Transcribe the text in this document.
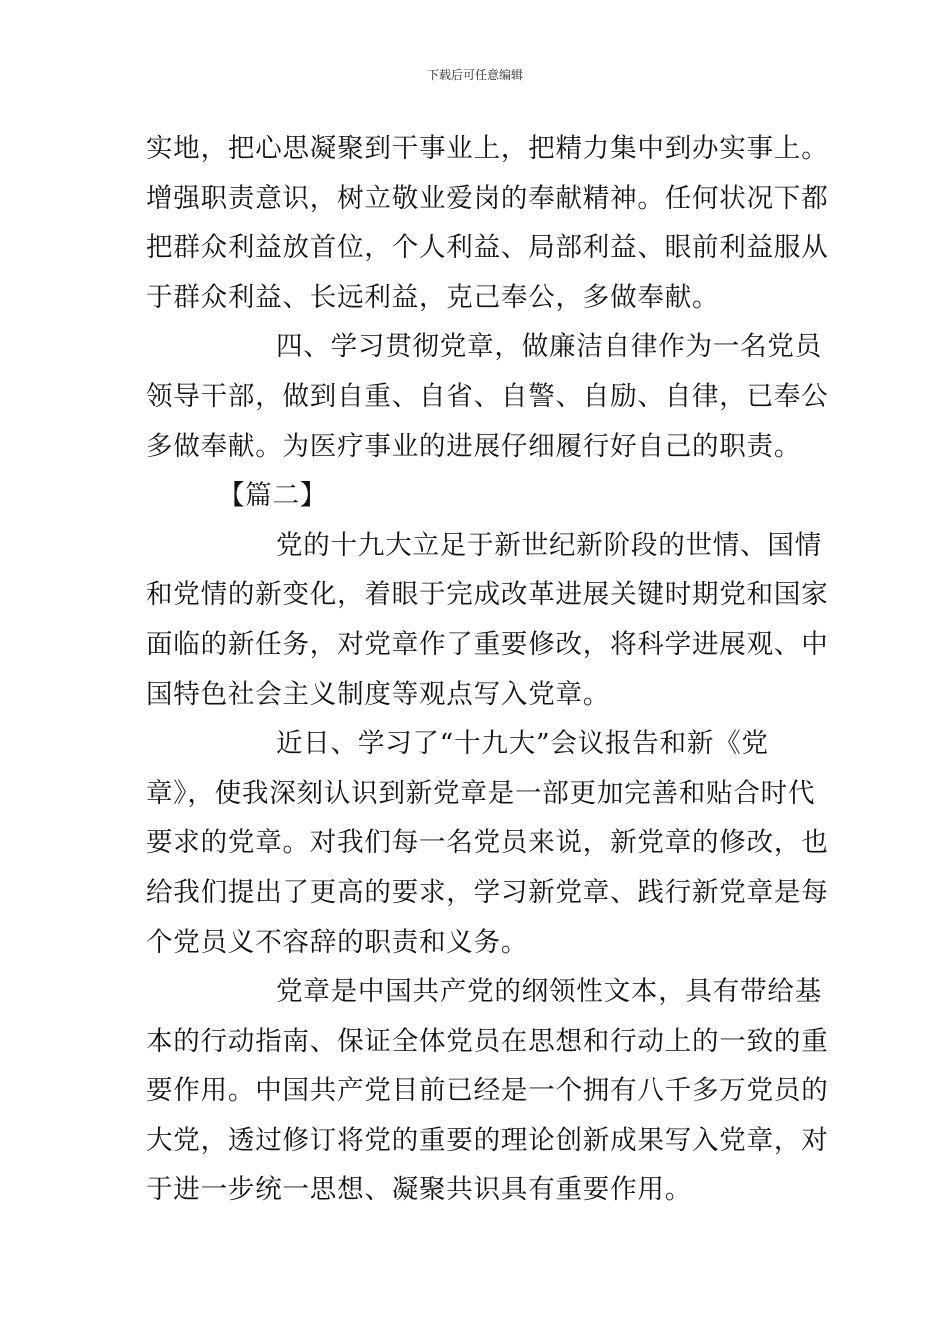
下载后可任意编辑
实地，把心思凝聚到干事业上，把精力集中到办实事上。
增强职责意识，树立敬业爱岗的奉献精神。任何状况下都
把群众利益放首位，个人利益、局部利益、眼前利益服从
于群众利益、长远利益，克己奉公，多做奉献。
四、学习贯彻党章，做廉洁自律作为一名党员
领导干部，做到自重、自省、自警、自励、自律，已奉公
多做奉献。为医疗事业的进展仔细履行好自己的职责。
【篇二】
党的十九大立足于新世纪新阶段的世情、国情
和党情的新变化，着眼于完成改革进展关键时期党和国家
面临的新任务，对党章作了重要修改，将科学进展观、中
国特色社会主义制度等观点写入党章。
近日、学习了“十九大”会议报告和新《党
章》，使我深刻认识到新党章是一部更加完善和贴合时代
要求的党章。对我们每一名党员来说，新党章的修改，也
给我们提出了更高的要求，学习新党章、践行新党章是每
个党员义不容辞的职责和义务。
党章是中国共产党的纲领性文本，具有带给基
本的行动指南、保证全体党员在思想和行动上的一致的重
要作用。中国共产党目前已经是一个拥有八千多万党员的
大党，透过修订将党的重要的理论创新成果写入党章，对
于进一步统一思想、凝聚共识具有重要作用。
